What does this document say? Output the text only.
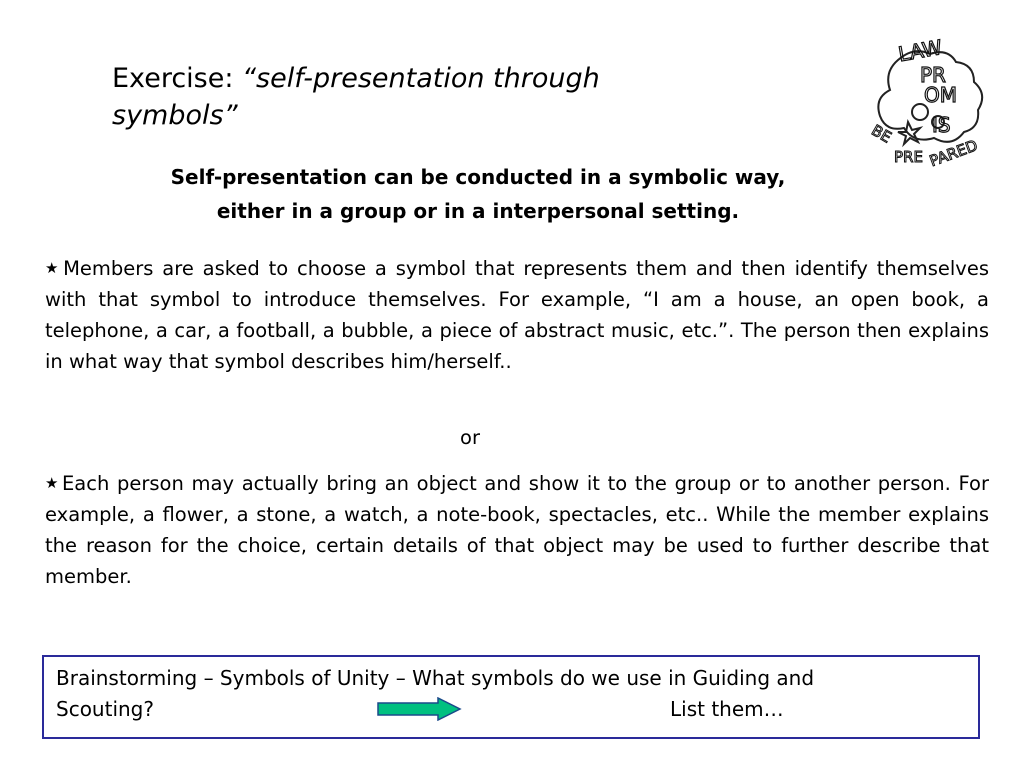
Exercise: “self-presentation through symbols”
LAW
PR
OM
IS
BE
PRE PARED
Self-presentation can be conducted in a symbolic way,
either in a group or in a interpersonal setting.
★ Members are asked to choose a symbol that represents them and then identify themselves with that symbol to introduce themselves. For example, “I am a house, an open book, a telephone, a car, a football, a bubble, a piece of abstract music, etc.”. The person then explains in what way that symbol describes him/herself..
or
★ Each person may actually bring an object and show it to the group or to another person. For example, a flower, a stone, a watch, a note-book, spectacles, etc.. While the member explains the reason for the choice, certain details of that object may be used to further describe that member.
Brainstorming – Symbols of Unity – What symbols do we use in Guiding and
Scouting?	List them…
